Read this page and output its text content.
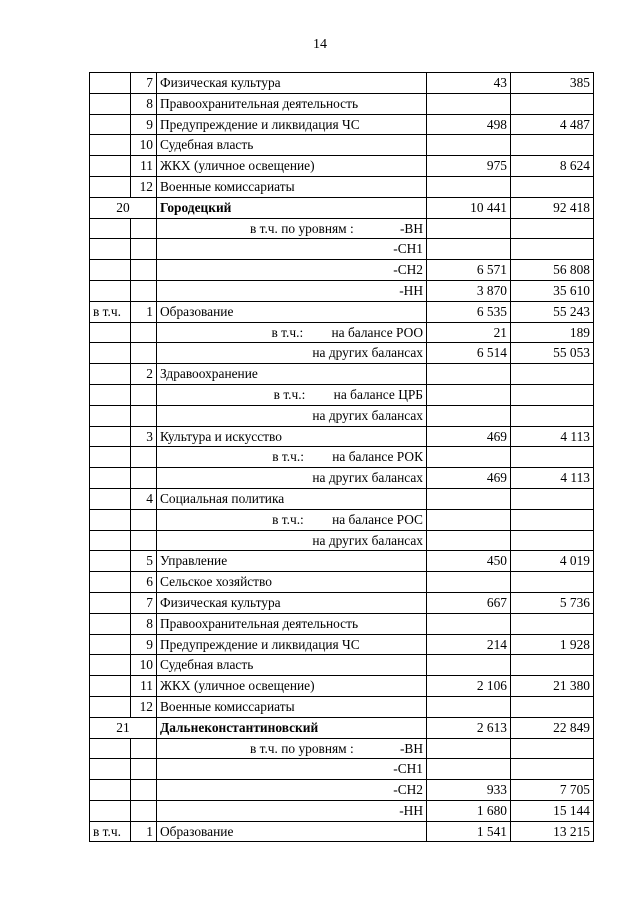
14
	7	Физическая культура	43	385
	8	Правоохранительная деятельность		
	9	Предупреждение и ликвидация ЧС	498	4 487
	10	Судебная власть		
	11	ЖКХ (уличное освещение)	975	8 624
	12	Военные комиссариаты		
20		Городецкий	10 441	92 418
		в т.ч. по уровням : -ВН		
		-СН1		
		-СН2	6 571	56 808
		-НН	3 870	35 610
в т.ч.	1	Образование	6 535	55 243
		в т.ч.: на балансе РОО	21	189
		на других балансах	6 514	55 053
	2	Здравоохранение		
		в т.ч.: на балансе ЦРБ		
		на других балансах		
	3	Культура и искусство	469	4 113
		в т.ч.: на балансе РОК		
		на других балансах	469	4 113
	4	Социальная политика		
		в т.ч.: на балансе РОС		
		на других балансах		
	5	Управление	450	4 019
	6	Сельское хозяйство		
	7	Физическая культура	667	5 736
	8	Правоохранительная деятельность		
	9	Предупреждение и ликвидация ЧС	214	1 928
	10	Судебная власть		
	11	ЖКХ (уличное освещение)	2 106	21 380
	12	Военные комиссариаты		
21		Дальнеконстантиновский	2 613	22 849
		в т.ч. по уровням : -ВН		
		-СН1		
		-СН2	933	7 705
		-НН	1 680	15 144
в т.ч.	1	Образование	1 541	13 215
